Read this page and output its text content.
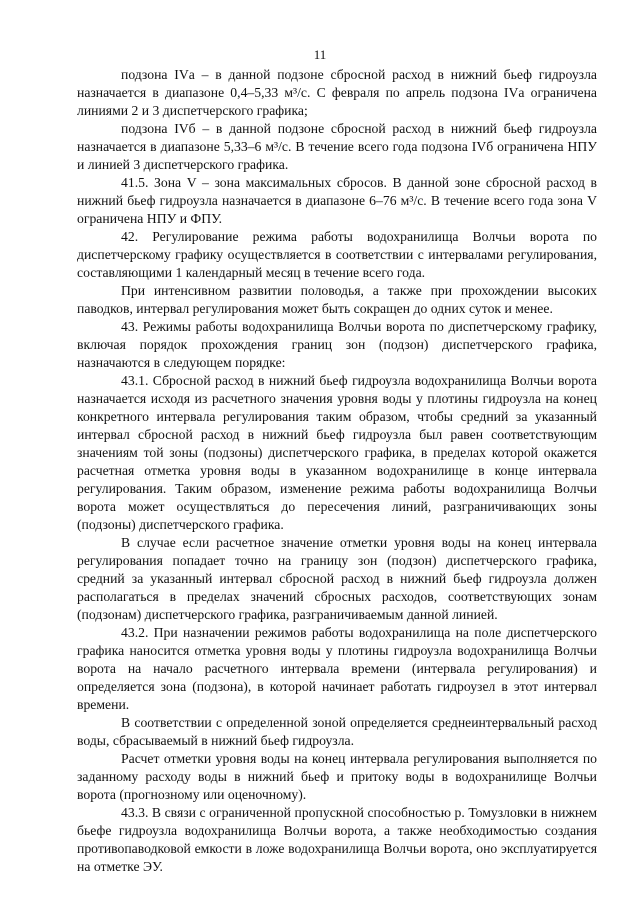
11

подзона IVа – в данной подзоне сбросной расход в нижний бьеф гидроузла назначается в диапазоне 0,4–5,33 м³/с. С февраля по апрель подзона IVа ограничена линиями 2 и 3 диспетчерского графика;

подзона IVб – в данной подзоне сбросной расход в нижний бьеф гидроузла назначается в диапазоне 5,33–6 м³/с. В течение всего года подзона IVб ограничена НПУ и линией 3 диспетчерского графика.

41.5. Зона V – зона максимальных сбросов. В данной зоне сбросной расход в нижний бьеф гидроузла назначается в диапазоне 6–76 м³/с. В течение всего года зона V ограничена НПУ и ФПУ.

42. Регулирование режима работы водохранилища Волчьи ворота по диспетчерскому графику осуществляется в соответствии с интервалами регулирования, составляющими 1 календарный месяц в течение всего года.

При интенсивном развитии половодья, а также при прохождении высоких паводков, интервал регулирования может быть сокращен до одних суток и менее.

43. Режимы работы водохранилища Волчьи ворота по диспетчерскому графику, включая порядок прохождения границ зон (подзон) диспетчерского графика, назначаются в следующем порядке:

43.1. Сбросной расход в нижний бьеф гидроузла водохранилища Волчьи ворота назначается исходя из расчетного значения уровня воды у плотины гидроузла на конец конкретного интервала регулирования таким образом, чтобы средний за указанный интервал сбросной расход в нижний бьеф гидроузла был равен соответствующим значениям той зоны (подзоны) диспетчерского графика, в пределах которой окажется расчетная отметка уровня воды в указанном водохранилище в конце интервала регулирования. Таким образом, изменение режима работы водохранилища Волчьи ворота может осуществляться до пересечения линий, разграничивающих зоны (подзоны) диспетчерского графика.

В случае если расчетное значение отметки уровня воды на конец интервала регулирования попадает точно на границу зон (подзон) диспетчерского графика, средний за указанный интервал сбросной расход в нижний бьеф гидроузла должен располагаться в пределах значений сбросных расходов, соответствующих зонам (подзонам) диспетчерского графика, разграничиваемым данной линией.

43.2. При назначении режимов работы водохранилища на поле диспетчерского графика наносится отметка уровня воды у плотины гидроузла водохранилища Волчьи ворота на начало расчетного интервала времени (интервала регулирования) и определяется зона (подзона), в которой начинает работать гидроузел в этот интервал времени.

В соответствии с определенной зоной определяется среднеинтервальный расход воды, сбрасываемый в нижний бьеф гидроузла.

Расчет отметки уровня воды на конец интервала регулирования выполняется по заданному расходу воды в нижний бьеф и притоку воды в водохранилище Волчьи ворота (прогнозному или оценочному).

43.3. В связи с ограниченной пропускной способностью р. Томузловки в нижнем бьефе гидроузла водохранилища Волчьи ворота, а также необходимостью создания противопаводковой емкости в ложе водохранилища Волчьи ворота, оно эксплуатируется на отметке ЭУ.
